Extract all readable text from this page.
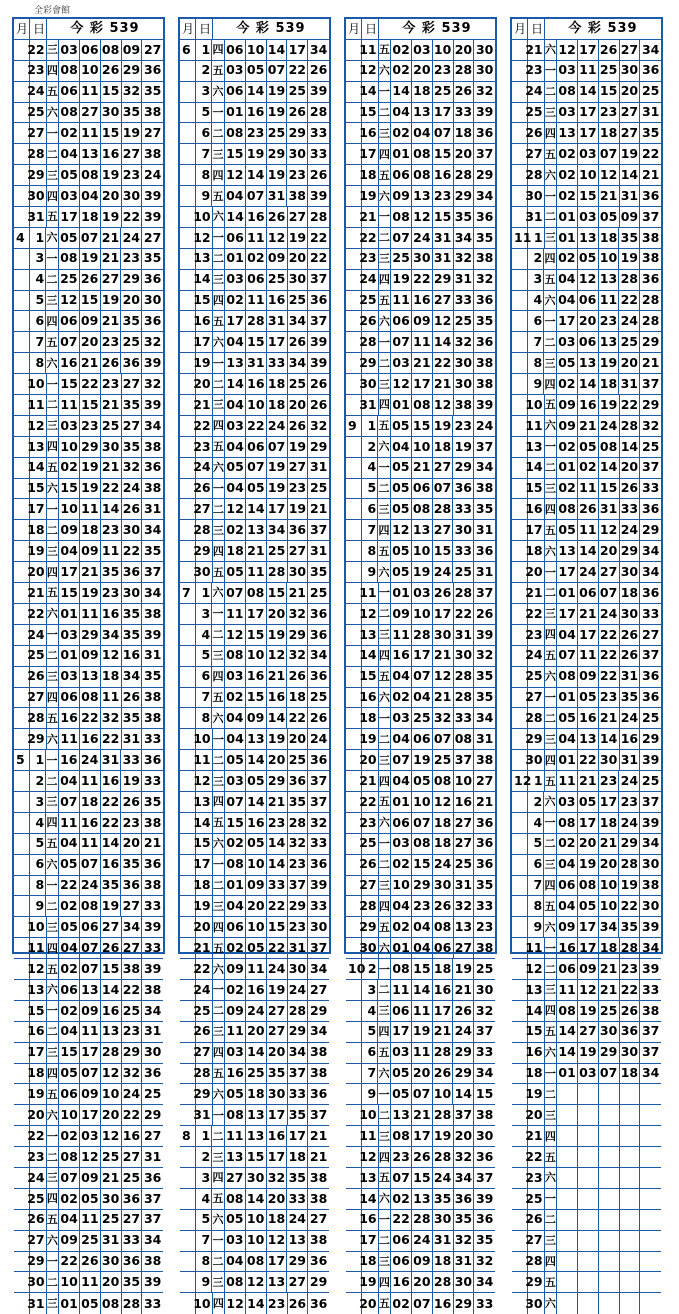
全彩會館
月 日	今 彩 539
22 三 03 06 08 09 27
23 四 08 10 26 29 36
24 五 06 11 15 32 35
25 六 08 27 30 35 38
27 一 02 11 15 19 27
28 二 04 13 16 27 38
29 三 05 08 19 23 24
30 四 03 04 20 30 39
31 五 17 18 19 22 39
4 1 六 05 07 21 24 27
3 一 08 19 21 23 35
4 二 25 26 27 29 36
5 三 12 15 19 20 30
6 四 06 09 21 35 36
7 五 07 20 23 25 32
8 六 16 21 26 36 39
10 一 15 22 23 27 32
11 二 11 15 21 35 39
12 三 03 23 25 27 34
13 四 10 29 30 35 38
14 五 02 19 21 32 36
15 六 15 19 22 24 38
17 一 10 11 14 26 31
18 二 09 18 23 30 34
19 三 04 09 11 22 35
20 四 17 21 35 36 37
21 五 15 19 23 30 34
22 六 01 11 16 35 38
24 一 03 29 34 35 39
25 二 01 09 12 16 31
26 三 03 13 18 34 35
27 四 06 08 11 26 38
28 五 16 22 32 35 38
29 六 11 16 22 31 33
5 1 一 16 24 31 33 36
2 二 04 11 16 19 33
3 三 07 18 22 26 35
4 四 11 16 22 23 38
5 五 04 11 14 20 21
6 六 05 07 16 35 36
8 一 22 24 35 36 38
9 二 02 08 19 27 33
10 三 05 06 27 34 39
11 四 04 07 26 27 33
12 五 02 07 15 38 39
13 六 06 13 14 22 38
15 一 02 09 16 25 34
16 二 04 11 13 23 31
17 三 15 17 28 29 30
18 四 05 07 12 32 36
19 五 06 09 10 24 25
20 六 10 17 20 22 29
22 一 02 03 12 16 27
23 二 08 12 25 27 31
24 三 07 09 21 25 36
25 四 02 05 30 36 37
26 五 04 11 25 27 37
27 六 09 25 31 33 34
29 一 22 26 30 36 38
30 二 10 11 20 35 39
31 三 01 05 08 28 33
月 日	今 彩 539
6 1 四 06 10 14 17 34
2 五 03 05 07 22 26
3 六 06 14 19 25 39
5 一 01 16 19 26 28
6 二 08 23 25 29 33
7 三 15 19 29 30 33
8 四 12 14 19 23 26
9 五 04 07 31 38 39
10 六 14 16 26 27 28
12 一 06 11 12 19 22
13 二 01 02 09 20 22
14 三 03 06 25 30 37
15 四 02 11 16 25 36
16 五 17 28 31 34 37
17 六 04 15 17 26 39
19 一 13 31 33 34 39
20 二 14 16 18 25 26
21 三 04 10 18 20 26
22 四 03 22 24 26 32
23 五 04 06 07 19 29
24 六 05 07 19 27 31
26 一 04 05 19 23 25
27 二 12 14 17 19 21
28 三 02 13 34 36 37
29 四 18 21 25 27 31
30 五 05 11 28 30 35
7 1 六 07 08 15 21 25
3 一 11 17 20 32 36
4 二 12 15 19 29 36
5 三 08 10 12 32 34
6 四 03 16 21 26 36
7 五 02 15 16 18 25
8 六 04 09 14 22 26
10 一 04 13 19 20 24
11 二 05 14 20 25 36
12 三 03 05 29 36 37
13 四 07 14 21 35 37
14 五 15 16 23 28 32
15 六 02 05 14 32 33
17 一 08 10 14 23 36
18 二 01 09 33 37 39
19 三 04 20 22 29 33
20 四 06 10 15 23 30
21 五 02 05 22 31 37
22 六 09 11 24 30 34
24 一 02 16 19 24 27
25 二 09 24 27 28 29
26 三 11 20 27 29 34
27 四 03 14 20 34 38
28 五 16 25 35 37 38
29 六 05 18 30 33 36
31 一 08 13 17 35 37
8 1 二 11 13 16 17 21
2 三 13 15 17 18 21
3 四 27 30 32 35 38
4 五 08 14 20 33 38
5 六 05 10 18 24 27
7 一 03 10 12 13 38
8 二 04 08 17 29 36
9 三 08 12 13 27 29
10 四 12 14 23 26 36
月 日	今 彩 539
11 五 02 03 10 20 30
12 六 02 20 23 28 30
14 一 14 18 25 26 32
15 二 04 13 17 33 39
16 三 02 04 07 18 36
17 四 01 08 15 20 37
18 五 06 08 16 28 29
19 六 09 13 23 29 34
21 一 08 12 15 35 36
22 二 07 24 31 34 35
23 三 25 30 31 32 38
24 四 19 22 29 31 32
25 五 11 16 27 33 36
26 六 06 09 12 25 35
28 一 07 11 14 32 36
29 二 03 21 22 30 38
30 三 12 17 21 30 38
31 四 01 08 12 38 39
9 1 五 05 15 19 23 24
2 六 04 10 18 19 37
4 一 05 21 27 29 34
5 二 05 06 07 36 38
6 三 05 08 28 33 35
7 四 12 13 27 30 31
8 五 05 10 15 33 36
9 六 05 19 24 25 31
11 一 01 03 26 28 37
12 二 09 10 17 22 26
13 三 11 28 30 31 39
14 四 16 17 21 30 32
15 五 04 07 12 28 35
16 六 02 04 21 28 35
18 一 03 25 32 33 34
19 二 04 06 07 08 31
20 三 07 19 25 37 38
21 四 04 05 08 10 27
22 五 01 10 12 16 21
23 六 06 07 18 27 36
25 一 03 08 18 27 36
26 二 02 15 24 25 36
27 三 10 29 30 31 35
28 四 04 23 26 32 33
29 五 02 04 08 13 23
30 六 01 04 06 27 38
10 2 一 08 15 18 19 25
3 二 11 14 16 21 30
4 三 06 11 17 26 32
5 四 17 19 21 24 37
6 五 03 11 28 29 33
7 六 05 20 26 29 34
9 一 05 07 10 14 15
10 二 13 21 28 37 38
11 三 08 17 19 20 30
12 四 23 26 28 32 36
13 五 07 15 24 34 37
14 六 02 13 35 36 39
16 一 22 28 30 35 36
17 二 06 24 31 32 35
18 三 06 09 18 31 32
19 四 16 20 28 30 34
20 五 02 07 16 29 33
月 日	今 彩 539
21 六 12 17 26 27 34
23 一 03 11 25 30 36
24 二 08 14 15 20 25
25 三 03 17 23 27 31
26 四 13 17 18 27 35
27 五 02 03 07 19 22
28 六 02 10 12 14 21
30 一 02 15 21 31 36
31 二 01 03 05 09 37
11 1 三 01 13 18 35 38
2 四 02 05 10 19 38
3 五 04 12 13 28 36
4 六 04 06 11 22 28
6 一 17 20 23 24 28
7 二 03 06 13 25 29
8 三 05 13 19 20 21
9 四 02 14 18 31 37
10 五 09 16 19 22 29
11 六 09 21 24 28 32
13 一 02 05 08 14 25
14 二 01 02 14 20 37
15 三 02 11 15 26 33
16 四 08 26 31 33 36
17 五 05 11 12 24 29
18 六 13 14 20 29 34
20 一 17 24 27 30 34
21 二 01 06 07 18 36
22 三 17 21 24 30 33
23 四 04 17 22 26 27
24 五 07 11 22 26 37
25 六 08 09 22 31 36
27 一 01 05 23 35 36
28 二 05 16 21 24 25
29 三 04 13 14 16 29
30 四 01 22 30 31 39
12 1 五 11 21 23 24 25
2 六 03 05 17 23 37
4 一 08 17 18 24 39
5 二 02 20 21 29 34
6 三 04 19 20 28 30
7 四 06 08 10 19 38
8 五 04 05 10 22 30
9 六 09 17 34 35 39
11 一 16 17 18 28 34
12 二 06 09 21 23 39
13 三 11 12 21 22 33
14 四 08 19 25 26 38
15 五 14 27 30 36 37
16 六 14 19 29 30 37
18 一 01 03 07 18 34
19 二
20 三
21 四
22 五
23 六
25 一
26 二
27 三
28 四
29 五
30 六
